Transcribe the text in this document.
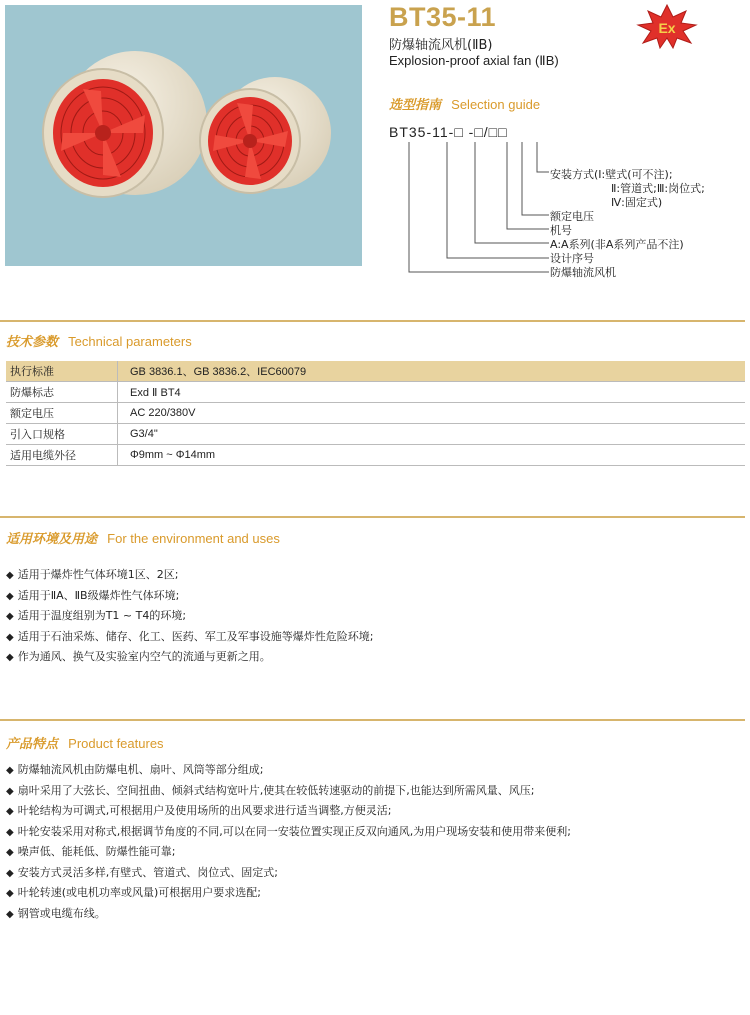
BT35-11
防爆轴流风机(ⅡB)
Explosion-proof axial fan (ⅡB)
Ex
选型指南 Selection guide
BT35-11-□ -□/□□
安装方式(Ⅰ:壁式(可不注);
Ⅱ:管道式;Ⅲ:岗位式;
Ⅳ:固定式)
额定电压
机号
A:A系列(非A系列产品不注)
设计序号
防爆轴流风机
技术参数 Technical parameters
执行标准	GB 3836.1、GB 3836.2、IEC60079
防爆标志	Exd Ⅱ BT4
额定电压	AC 220/380V
引入口规格	G3/4"
适用电缆外径	Φ9mm ~ Φ14mm
适用环境及用途 For the environment and uses
◆ 适用于爆炸性气体环境1区、2区;
◆ 适用于ⅡA、ⅡB级爆炸性气体环境;
◆ 适用于温度组别为T1 ~ T4的环境;
◆ 适用于石油采炼、储存、化工、医药、军工及军事设施等爆炸性危险环境;
◆ 作为通风、换气及实验室内空气的流通与更新之用。
产品特点 Product features
◆ 防爆轴流风机由防爆电机、扇叶、风筒等部分组成;
◆ 扇叶采用了大弦长、空间扭曲、倾斜式结构宽叶片,使其在较低转速驱动的前提下,也能达到所需风量、风压;
◆ 叶轮结构为可调式,可根据用户及使用场所的出风要求进行适当调整,方便灵活;
◆ 叶轮安装采用对称式,根据调节角度的不同,可以在同一安装位置实现正反双向通风,为用户现场安装和使用带来便利;
◆ 噪声低、能耗低、防爆性能可靠;
◆ 安装方式灵活多样,有壁式、管道式、岗位式、固定式;
◆ 叶轮转速(或电机功率或风量)可根据用户要求选配;
◆ 钢管或电缆布线。
